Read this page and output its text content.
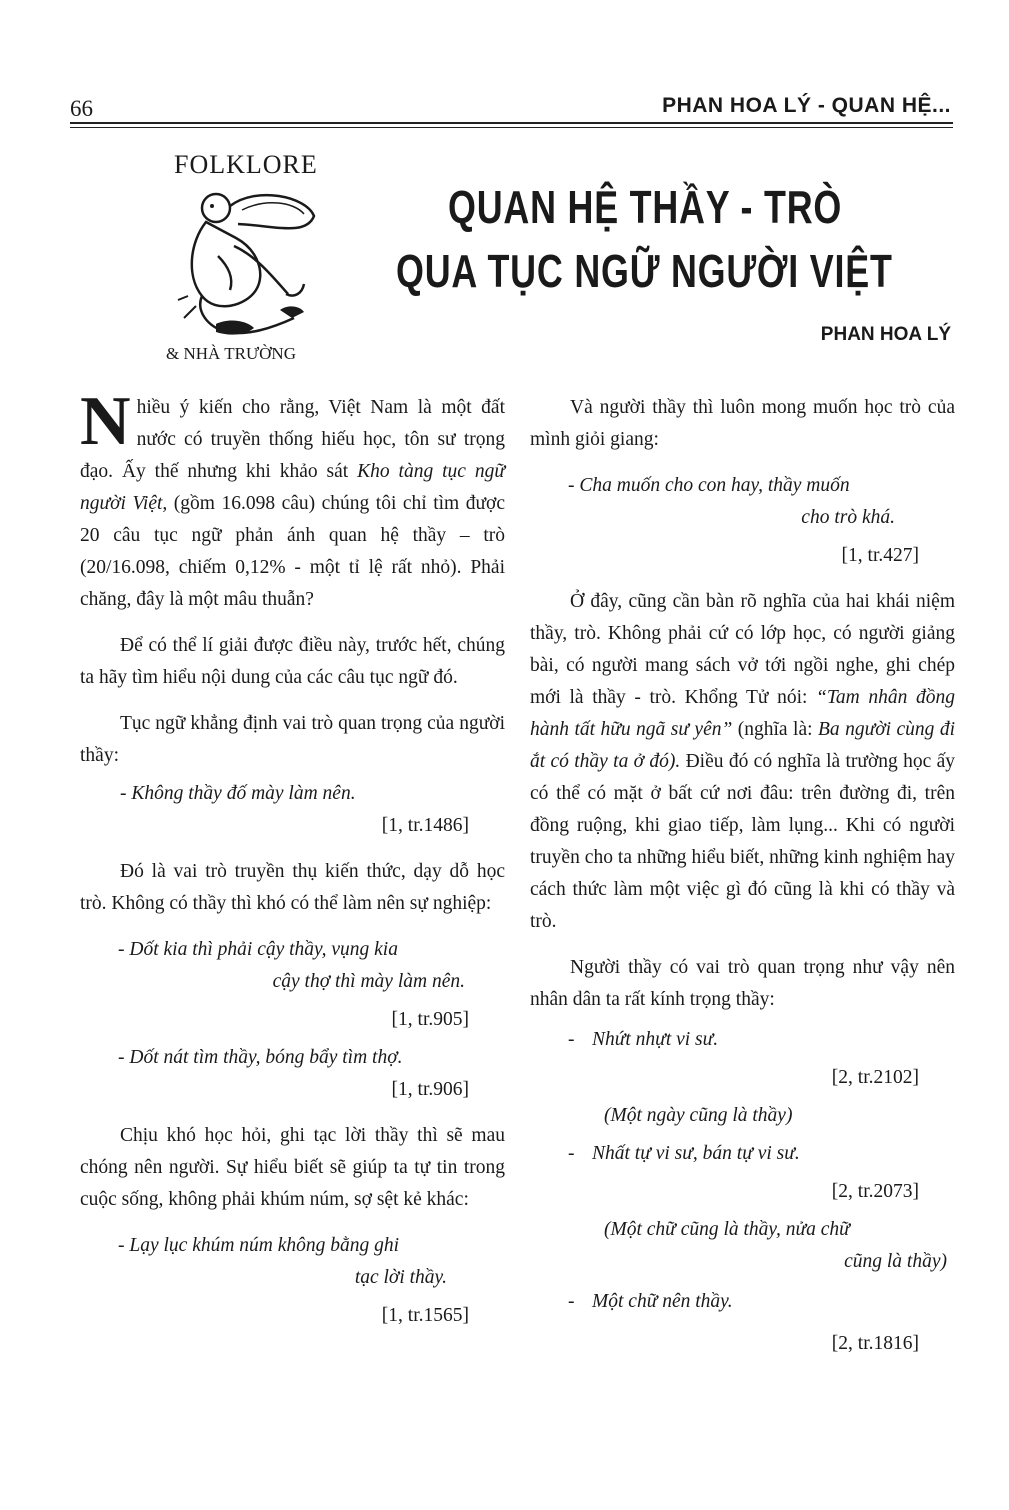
66	PHAN HOA LÝ - QUAN HỆ...
FOLKLORE
& NHÀ TRƯỜNG
QUAN HỆ THẦY - TRÒ
QUA TỤC NGỮ NGƯỜI VIỆT
PHAN HOA LÝ

Nhiều ý kiến cho rằng, Việt Nam là một đất nước có truyền thống hiếu học, tôn sư trọng đạo. Ấy thế nhưng khi khảo sát Kho tàng tục ngữ người Việt, (gồm 16.098 câu) chúng tôi chỉ tìm được 20 câu tục ngữ phản ánh quan hệ thầy – trò (20/16.098, chiếm 0,12% - một tỉ lệ rất nhỏ). Phải chăng, đây là một mâu thuẫn?

Để có thể lí giải được điều này, trước hết, chúng ta hãy tìm hiểu nội dung của các câu tục ngữ đó.

Tục ngữ khẳng định vai trò quan trọng của người thầy:

- Không thầy đố mày làm nên.

[1, tr.1486]

Đó là vai trò truyền thụ kiến thức, dạy dỗ học trò. Không có thầy thì khó có thể làm nên sự nghiệp:

- Dốt kia thì phải cậy thầy, vụng kia

cậy thợ thì mày làm nên.

[1, tr.905]

- Dốt nát tìm thầy, bóng bẩy tìm thợ.

[1, tr.906]

Chịu khó học hỏi, ghi tạc lời thầy thì sẽ mau chóng nên người. Sự hiểu biết sẽ giúp ta tự tin trong cuộc sống, không phải khúm núm, sợ sệt kẻ khác:

- Lạy lục khúm núm không bằng ghi

tạc lời thầy.

[1, tr.1565]

Và người thầy thì luôn mong muốn học trò của mình giỏi giang:

- Cha muốn cho con hay, thầy muốn

cho trò khá.

[1, tr.427]

Ở đây, cũng cần bàn rõ nghĩa của hai khái niệm thầy, trò. Không phải cứ có lớp học, có người giảng bài, có người mang sách vở tới ngồi nghe, ghi chép mới là thầy - trò. Khổng Tử nói: “Tam nhân đồng hành tất hữu ngã sư yên” (nghĩa là: Ba người cùng đi ắt có thầy ta ở đó). Điều đó có nghĩa là trường học ấy có thể có mặt ở bất cứ nơi đâu: trên đường đi, trên đồng ruộng, khi giao tiếp, làm lụng... Khi có người truyền cho ta những hiểu biết, những kinh nghiệm hay cách thức làm một việc gì đó cũng là khi có thầy và trò.

Người thầy có vai trò quan trọng như vậy nên nhân dân ta rất kính trọng thầy:

- Nhứt nhựt vi sư.

[2, tr.2102]

(Một ngày cũng là thầy)

- Nhất tự vi sư, bán tự vi sư.

[2, tr.2073]

(Một chữ cũng là thầy, nửa chữ

cũng là thầy)

- Một chữ nên thầy.

[2, tr.1816]
